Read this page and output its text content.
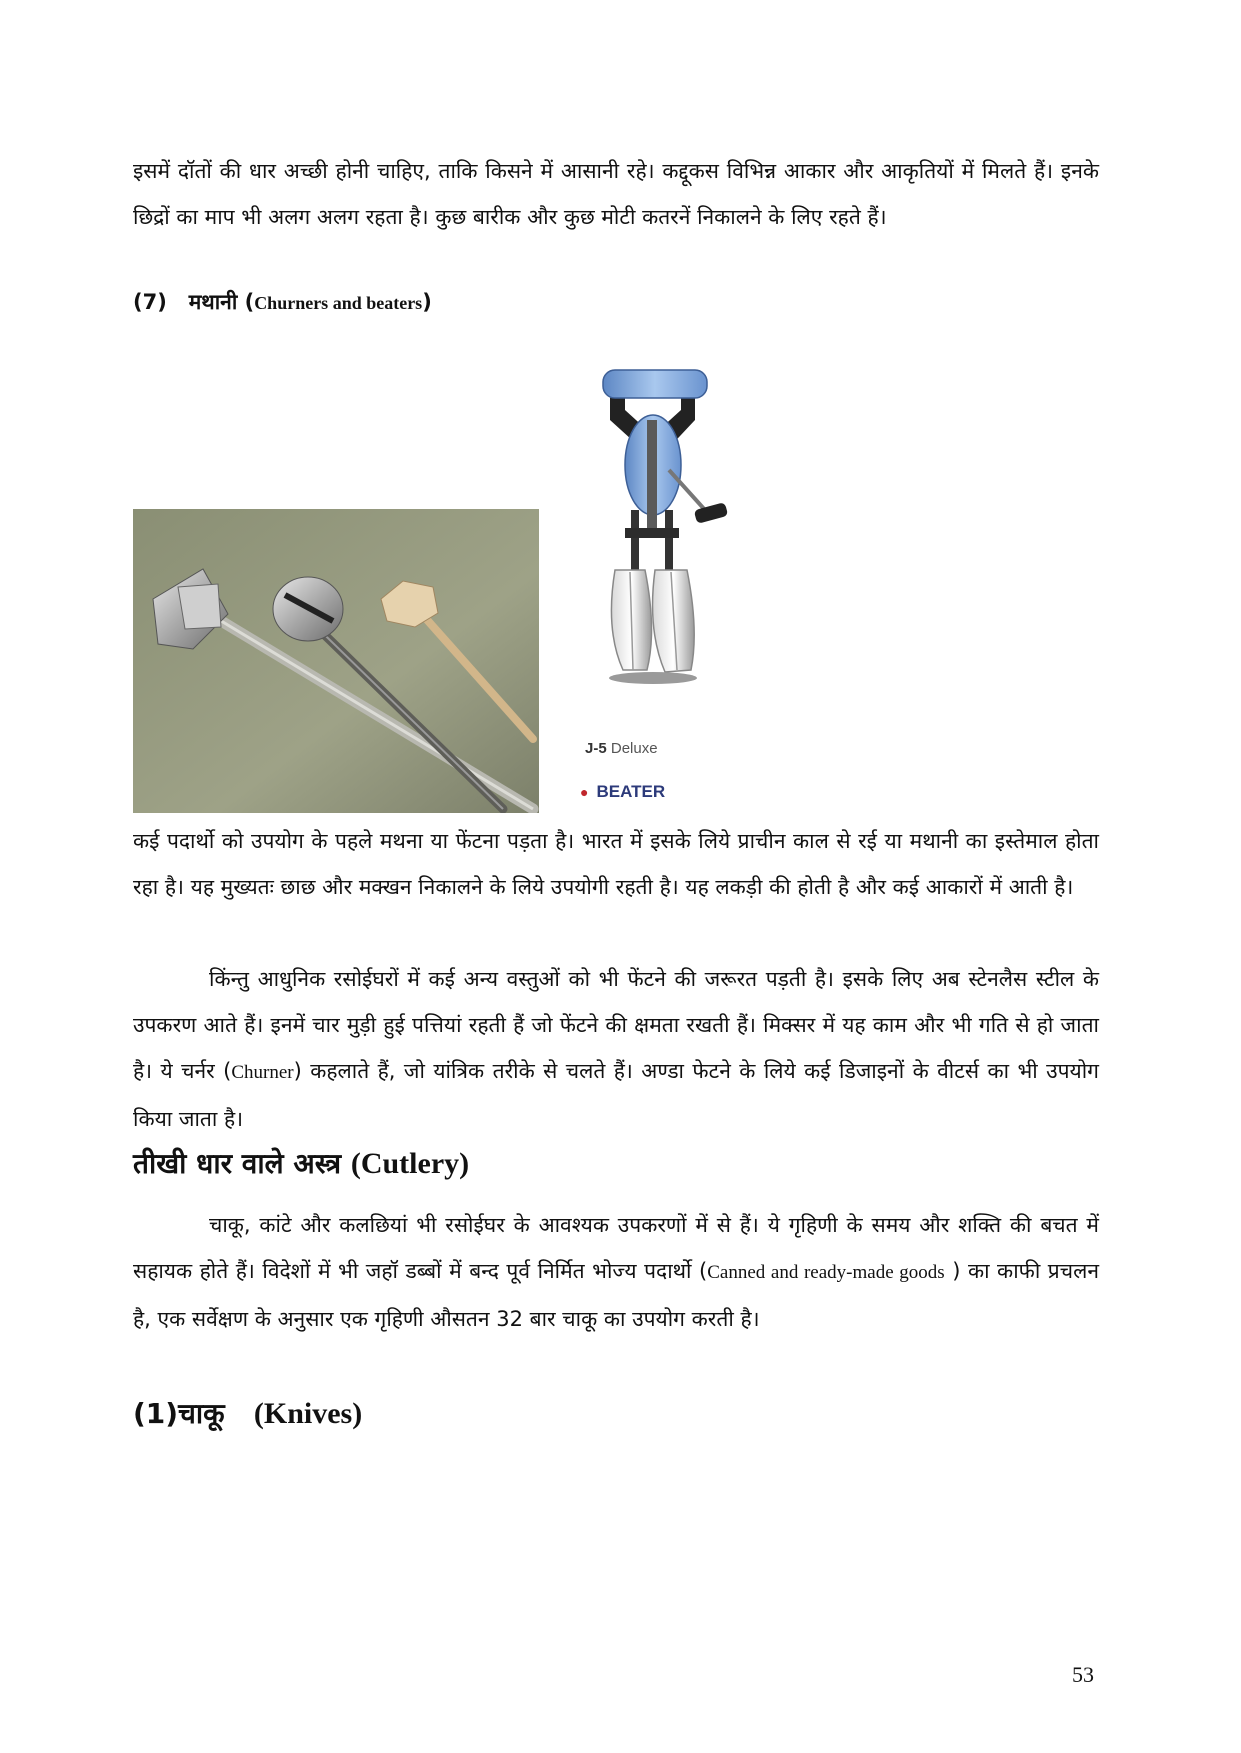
इसमें दॉतों की धार अच्छी होनी चाहिए, ताकि किसने में आसानी रहे। कद्दूकस विभिन्न आकार और आकृतियों में मिलते हैं। इनके छिद्रों का माप भी अलग अलग रहता है। कुछ बारीक और कुछ मोटी कतरनें निकालने के लिए रहते हैं।

(7) मथानी (Churners and beaters)
J-5 Deluxe
● BEATER

कई पदार्थो को उपयोग के पहले मथना या फेंटना पड़ता है। भारत में इसके लिये प्राचीन काल से रई या मथानी का इस्तेमाल होता रहा है। यह मुख्यतः छाछ और मक्खन निकालने के लिये उपयोगी रहती है। यह लकड़ी की होती है और कई आकारों में आती है।

किंन्तु आधुनिक रसोईघरों में कई अन्य वस्तुओं को भी फेंटने की जरूरत पड़ती है। इसके लिए अब स्टेनलैस स्टील के उपकरण आते हैं। इनमें चार मुड़ी हुई पत्तियां रहती हैं जो फेंटने की क्षमता रखती हैं। मिक्सर में यह काम और भी गति से हो जाता है। ये चर्नर (Churner) कहलाते हैं, जो यांत्रिक तरीके से चलते हैं। अण्डा फेटने के लिये कई डिजाइनों के वीटर्स का भी उपयोग किया जाता है।

तीखी धार वाले अस्त्र (Cutlery)

चाकू, कांटे और कलछियां भी रसोईघर के आवश्यक उपकरणों में से हैं। ये गृहिणी के समय और शक्ति की बचत में सहायक होते हैं। विदेशों में भी जहॉ डब्बों में बन्द पूर्व निर्मित भोज्य पदार्थो (Canned and ready-made goods ) का काफी प्रचलन है, एक सर्वेक्षण के अनुसार एक गृहिणी औसतन 32 बार चाकू का उपयोग करती है।

(1)चाकू (Knives)
53
